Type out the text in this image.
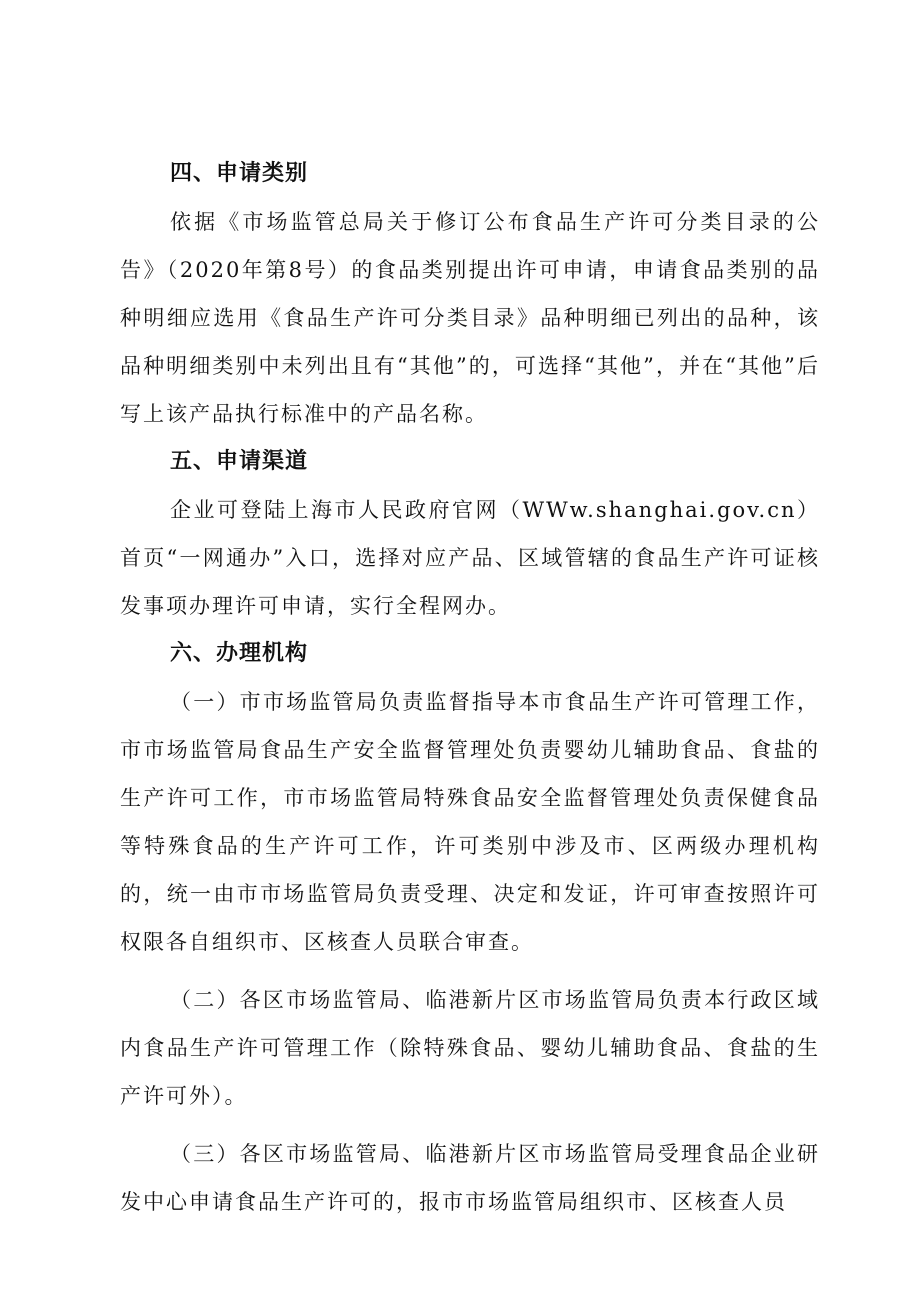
四、申请类别

依据《市场监管总局关于修订公布食品生产许可分类目录的公告》（2020年第8号）的食品类别提出许可申请，申请食品类别的品种明细应选用《食品生产许可分类目录》品种明细已列出的品种，该品种明细类别中未列出且有“其他”的，可选择“其他”，并在“其他”后写上该产品执行标准中的产品名称。

五、申请渠道

企业可登陆上海市人民政府官网（WWw.shanghai.gov.cn）首页“一网通办”入口，选择对应产品、区域管辖的食品生产许可证核发事项办理许可申请，实行全程网办。

六、办理机构

（一）市市场监管局负责监督指导本市食品生产许可管理工作，市市场监管局食品生产安全监督管理处负责婴幼儿辅助食品、食盐的生产许可工作，市市场监管局特殊食品安全监督管理处负责保健食品等特殊食品的生产许可工作，许可类别中涉及市、区两级办理机构的，统一由市市场监管局负责受理、决定和发证，许可审查按照许可权限各自组织市、区核查人员联合审查。

（二）各区市场监管局、临港新片区市场监管局负责本行政区域内食品生产许可管理工作（除特殊食品、婴幼儿辅助食品、食盐的生产许可外）。

（三）各区市场监管局、临港新片区市场监管局受理食品企业研发中心申请食品生产许可的，报市市场监管局组织市、区核查人员
